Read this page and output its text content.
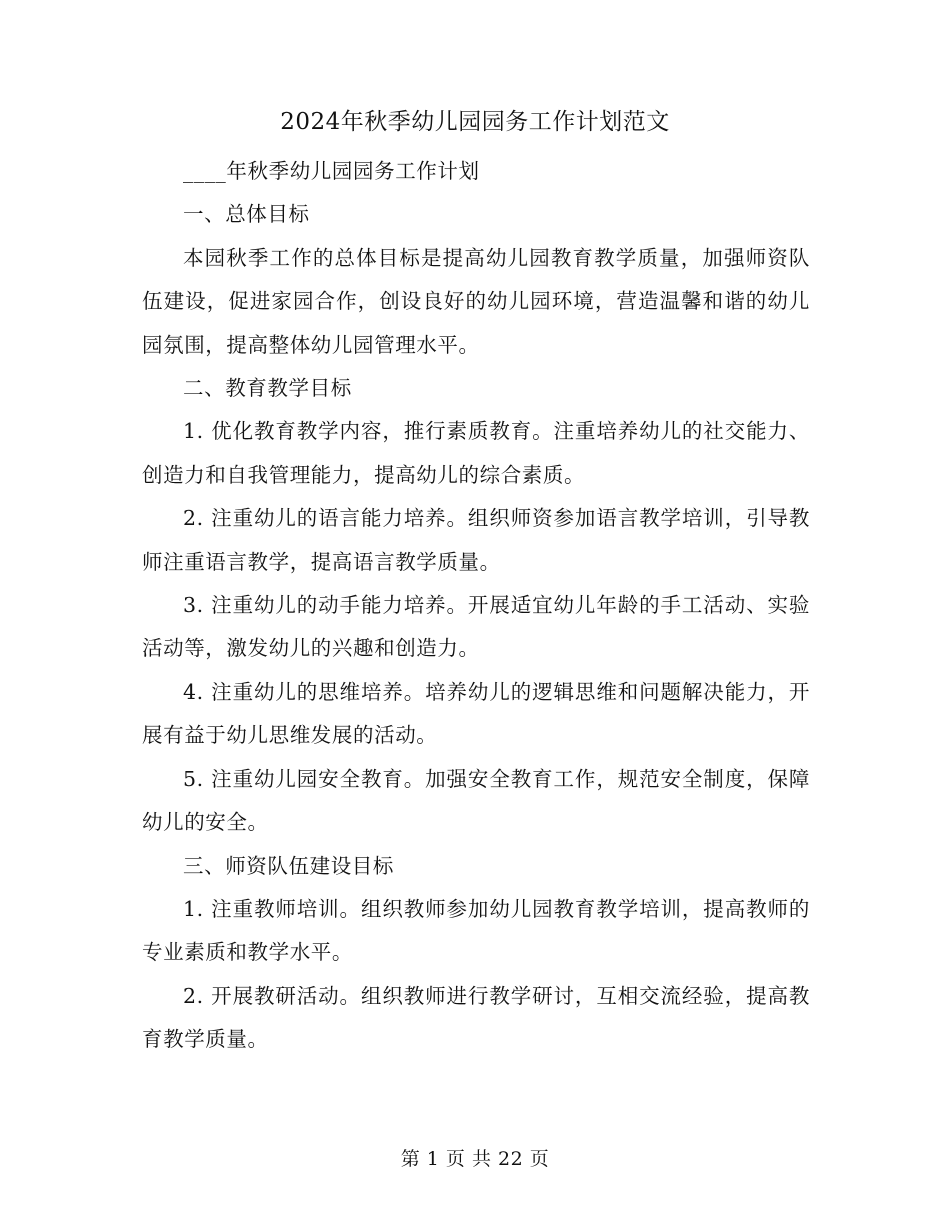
2024年秋季幼儿园园务工作计划范文

____年秋季幼儿园园务工作计划

一、总体目标

本园秋季工作的总体目标是提高幼儿园教育教学质量，加强师资队伍建设，促进家园合作，创设良好的幼儿园环境，营造温馨和谐的幼儿园氛围，提高整体幼儿园管理水平。

二、教育教学目标

1. 优化教育教学内容，推行素质教育。注重培养幼儿的社交能力、创造力和自我管理能力，提高幼儿的综合素质。

2. 注重幼儿的语言能力培养。组织师资参加语言教学培训，引导教师注重语言教学，提高语言教学质量。

3. 注重幼儿的动手能力培养。开展适宜幼儿年龄的手工活动、实验活动等，激发幼儿的兴趣和创造力。

4. 注重幼儿的思维培养。培养幼儿的逻辑思维和问题解决能力，开展有益于幼儿思维发展的活动。

5. 注重幼儿园安全教育。加强安全教育工作，规范安全制度，保障幼儿的安全。

三、师资队伍建设目标

1. 注重教师培训。组织教师参加幼儿园教育教学培训，提高教师的专业素质和教学水平。

2. 开展教研活动。组织教师进行教学研讨，互相交流经验，提高教育教学质量。

第 1 页 共 22 页
